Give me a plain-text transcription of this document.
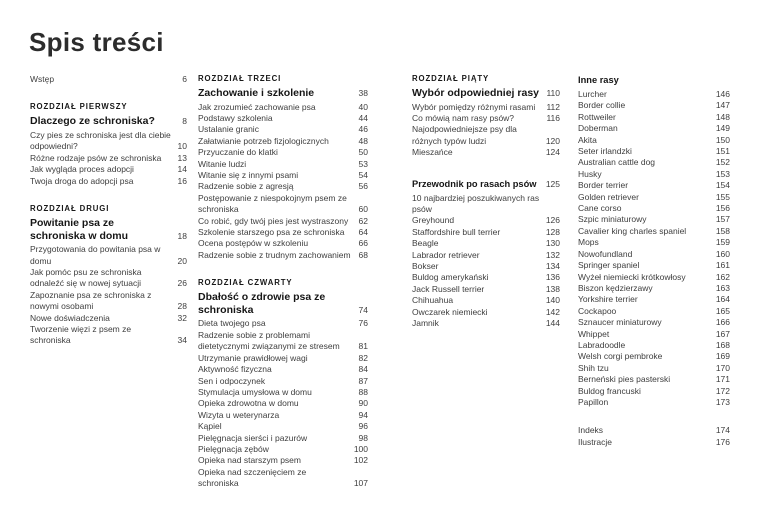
Spis treści
Wstęp	6
ROZDZIAŁ PIERWSZY
Dlaczego ze schroniska?	8
Czy pies ze schroniska jest dla ciebie odpowiedni?	10
Różne rodzaje psów ze schroniska	13
Jak wygląda proces adopcji	14
Twoja droga do adopcji psa	16
ROZDZIAŁ DRUGI
Powitanie psa ze schroniska w domu	18
Przygotowania do powitania psa w domu	20
Jak pomóc psu ze schroniska odnaleźć się w nowej sytuacji	26
Zapoznanie psa ze schroniska z nowymi osobami	28
Nowe doświadczenia	32
Tworzenie więzi z psem ze schroniska	34
ROZDZIAŁ TRZECI
Zachowanie i szkolenie	38
Jak zrozumieć zachowanie psa	40
Podstawy szkolenia	44
Ustalanie granic	46
Załatwianie potrzeb fizjologicznych	48
Przyuczanie do klatki	50
Witanie ludzi	53
Witanie się z innymi psami	54
Radzenie sobie z agresją	56
Postępowanie z niespokojnym psem ze schroniska	60
Co robić, gdy twój pies jest wystraszony	62
Szkolenie starszego psa ze schroniska	64
Ocena postępów w szkoleniu	66
Radzenie sobie z trudnym zachowaniem 68
ROZDZIAŁ CZWARTY
Dbałość o zdrowie psa ze schroniska	74
Dieta twojego psa	76
Radzenie sobie z problemami dietetycznymi związanymi ze stresem	81
Utrzymanie prawidłowej wagi	82
Aktywność fizyczna	84
Sen i odpoczynek	87
Stymulacja umysłowa w domu	88
Opieka zdrowotna w domu	90
Wizyta u weterynarza	94
Kąpiel	96
Pielęgnacja sierści i pazurów	98
Pielęgnacja zębów	100
Opieka nad starszym psem	102
Opieka nad szczenięciem ze schroniska	107
ROZDZIAŁ PIĄTY
Wybór odpowiedniej rasy 110
Wybór pomiędzy różnymi rasami	112
Co mówią nam rasy psów?	116
Najodpowiedniejsze psy dla różnych typów ludzi	120
Mieszańce	124
Przewodnik po rasach psów	125
10 najbardziej poszukiwanych ras psów
Greyhound	126
Staffordshire bull terrier	128
Beagle	130
Labrador retriever	132
Bokser	134
Buldog amerykański	136
Jack Russell terrier	138
Chihuahua	140
Owczarek niemiecki	142
Jamnik	144
Inne rasy
Lurcher	146
Border collie	147
Rottweiler	148
Doberman	149
Akita	150
Seter irlandzki	151
Australian cattle dog	152
Husky	153
Border terrier	154
Golden retriever	155
Cane corso	156
Szpic miniaturowy	157
Cavalier king charles spaniel	158
Mops	159
Nowofundland	160
Springer spaniel	161
Wyżeł niemiecki krótkowłosy	162
Biszon kędzierzawy	163
Yorkshire terrier	164
Cockapoo	165
Sznaucer miniaturowy	166
Whippet	167
Labradoodle	168
Welsh corgi pembroke	169
Shih tzu	170
Berneński pies pasterski	171
Buldog francuski	172
Papillon	173
Indeks	174
Ilustracje	176
